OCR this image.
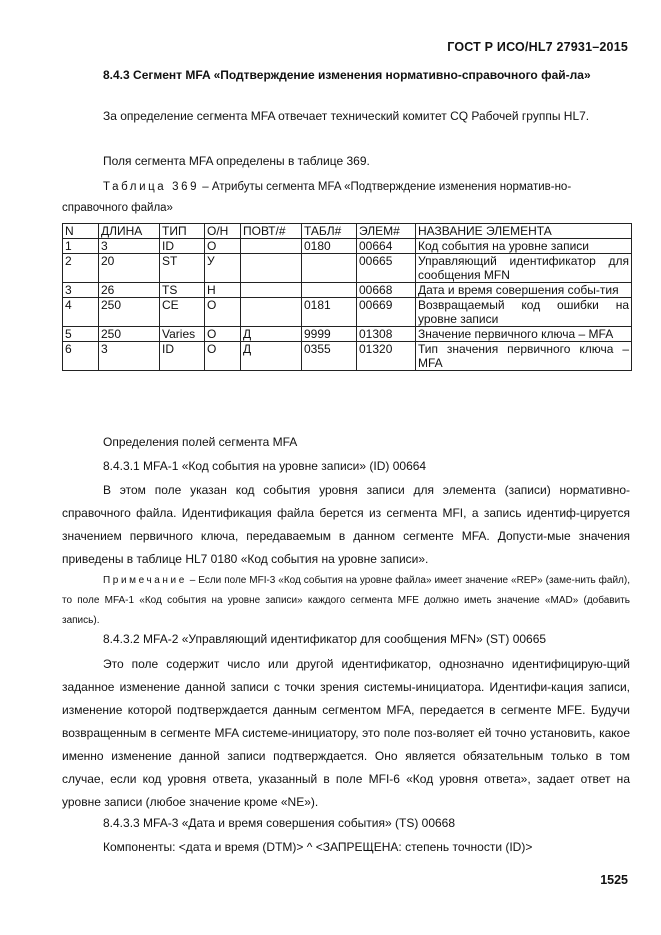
ГОСТ Р ИСО/HL7 27931–2015
8.4.3 Сегмент MFA «Подтверждение изменения нормативно-справочного фай-ла»
За определение сегмента MFA отвечает технический комитет CQ Рабочей группы HL7.
Поля сегмента MFA определены в таблице 369.
Таблица 369 – Атрибуты сегмента MFA «Подтверждение изменения норматив-но-справочного файла»
N	ДЛИНА	ТИП	О/Н	ПОВТ/#	ТАБЛ#	ЭЛЕМ#	НАЗВАНИЕ ЭЛЕМЕНТА
1	3	ID	О		0180	00664	Код события на уровне записи
2	20	ST	У			00665	Управляющий идентификатор для сообщения MFN
3	26	TS	Н			00668	Дата и время совершения собы-тия
4	250	CE	О		0181	00669	Возвращаемый код ошибки на уровне записи
5	250	Varies	О	Д	9999	01308	Значение первичного ключа – MFA
6	3	ID	О	Д	0355	01320	Тип значения первичного ключа – MFA
Определения полей сегмента MFA
8.4.3.1 MFA-1 «Код события на уровне записи» (ID) 00664
В этом поле указан код события уровня записи для элемента (записи) нормативно-справочного файла. Идентификация файла берется из сегмента MFI, а запись идентиф-цируется значением первичного ключа, передаваемым в данном сегменте MFA. Допусти-мые значения приведены в таблице HL7 0180 «Код события на уровне записи».
Примечание – Если поле MFI-3 «Код события на уровне файла» имеет значение «REP» (заме-нить файл), то поле MFA-1 «Код события на уровне записи» каждого сегмента MFE должно иметь значение «MAD» (добавить запись).
8.4.3.2 MFA-2 «Управляющий идентификатор для сообщения MFN» (ST) 00665
Это поле содержит число или другой идентификатор, однозначно идентифицирую-щий заданное изменение данной записи с точки зрения системы-инициатора. Идентифи-кация записи, изменение которой подтверждается данным сегментом MFA, передается в сегменте MFE. Будучи возвращенным в сегменте MFA системе-инициатору, это поле поз-воляет ей точно установить, какое именно изменение данной записи подтверждается. Оно является обязательным только в том случае, если код уровня ответа, указанный в поле MFI-6 «Код уровня ответа», задает ответ на уровне записи (любое значение кроме «NE»).
8.4.3.3 MFA-3 «Дата и время совершения события» (TS) 00668
Компоненты: <дата и время (DTM)> ^ <ЗАПРЕЩЕНА: степень точности (ID)>
1525
